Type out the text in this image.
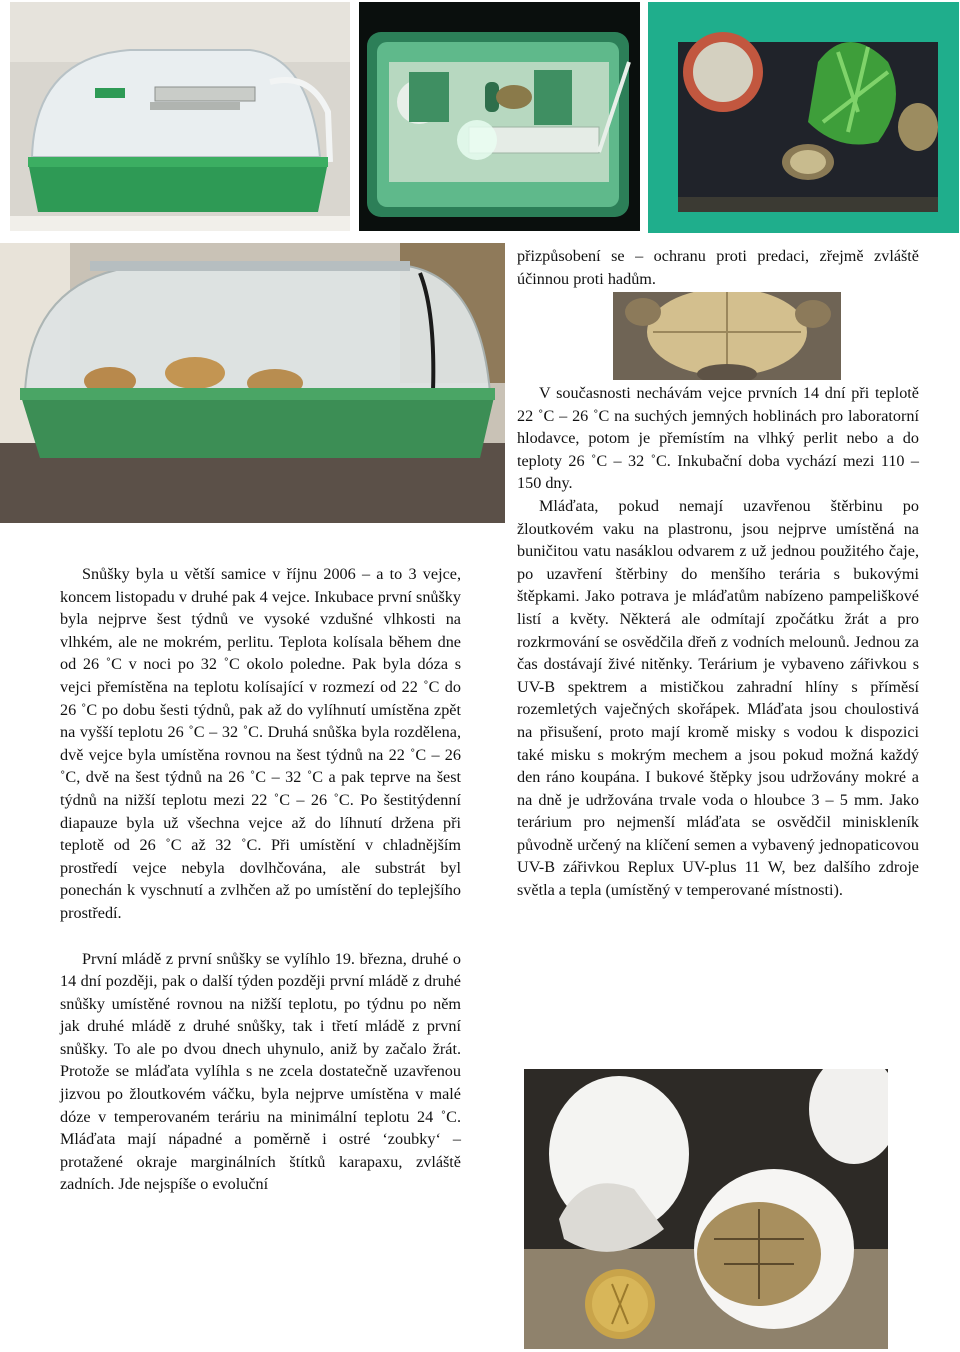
Snůšky byla u větší samice v říjnu 2006 – a to 3 vejce, koncem listopadu v druhé pak 4 vejce. Inkubace první snůšky byla nejprve šest týdnů ve vysoké vzdušné vlhkosti na vlhkém, ale ne mokrém, perlitu. Teplota kolísala během dne od 26 ˚C v noci po 32 ˚C okolo poledne. Pak byla dóza s vejci přemístěna na teplotu kolísající v rozmezí od 22 ˚C do 26 ˚C po dobu šesti týdnů, pak až do vylíhnutí umístěna zpět na vyšší teplotu 26 ˚C – 32 ˚C. Druhá snůška byla rozdělena, dvě vejce byla umístěna rovnou na šest týdnů na 22 ˚C – 26 ˚C, dvě na šest týdnů na 26 ˚C – 32 ˚C a pak teprve na šest týdnů na nižší teplotu mezi 22 ˚C – 26 ˚C. Po šestitýdenní diapauze byla už všechna vejce až do líhnutí držena při teplotě od 26 ˚C až 32 ˚C. Při umístění v chladnějším prostředí vejce nebyla dovlhčována, ale substrát byl ponechán k vyschnutí a zvlhčen až po umístění do teplejšího prostředí.

První mládě z první snůšky se vylíhlo 19. března, druhé o 14 dní později, pak o další týden později první mládě z druhé snůšky umístěné rovnou na nižší teplotu, po týdnu po něm jak druhé mládě z druhé snůšky, tak i třetí mládě z první snůšky. To ale po dvou dnech uhynulo, aniž by začalo žrát. Protože se mláďata vylíhla s ne zcela dostatečně uzavřenou jizvou po žloutkovém váčku, byla nejprve umístěna v malé dóze v temperovaném teráriu na minimální teplotu 24 ˚C. Mláďata mají nápadné a poměrně i ostré ‘zoubky‘ – protažené okraje marginálních štítků karapaxu, zvláště zadních. Jde nejspíše o evoluční

přizpůsobení se – ochranu proti predaci, zřejmě zvláště účinnou proti hadům.

V současnosti nechávám vejce prvních 14 dní při teplotě 22 ˚C – 26 ˚C na suchých jemných hoblinách pro laboratorní hlodavce, potom je přemístím na vlhký perlit nebo a do teploty 26 ˚C – 32 ˚C. Inkubační doba vychází mezi 110 – 150 dny.

Mláďata, pokud nemají uzavřenou štěrbinu po žloutkovém vaku na plastronu, jsou nejprve umístěná na buničitou vatu nasáklou odvarem z už jednou použitého čaje, po uzavření štěrbiny do menšího terária s bukovými štěpkami. Jako potrava je mláďatům nabízeno pampeliškové listí a květy. Některá ale odmítají zpočátku žrát a pro rozkrmování se osvědčila dřeň z vodních melounů. Jednou za čas dostávají živé nitěnky. Terárium je vybaveno zářivkou s UV-B spektrem a mističkou zahradní hlíny s příměsí rozemletých vaječných skořápek. Mláďata jsou choulostivá na přisušení, proto mají kromě misky s vodou k dispozici také misku s mokrým mechem a jsou pokud možná každý den ráno koupána. I bukové štěpky jsou udržovány mokré a na dně je udržována trvale voda o hloubce 3 – 5 mm. Jako terárium pro nejmenší mláďata se osvědčil miniskleník původně určený na klíčení semen a vybavený jednopaticovou UV-B zářivkou Replux UV-plus 11 W, bez dalšího zdroje světla a tepla (umístěný v temperované místnosti).
